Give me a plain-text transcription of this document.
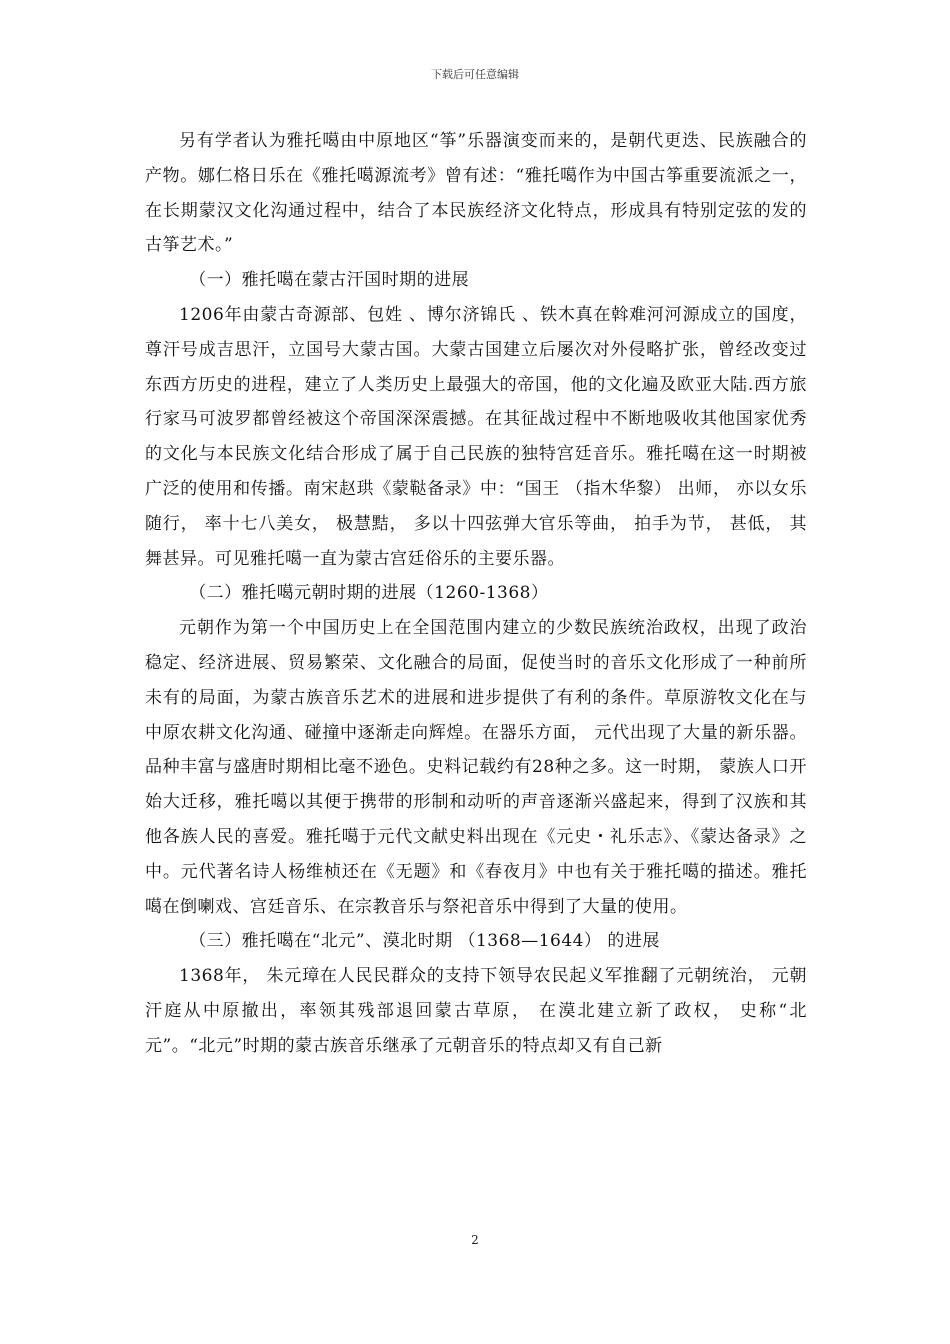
下载后可任意编辑

另有学者认为雅托噶由中原地区“筝”乐器演变而来的，是朝代更迭、民族融合的产物。娜仁格日乐在《雅托噶源流考》曾有述：“雅托噶作为中国古筝重要流派之一，在长期蒙汉文化沟通过程中，结合了本民族经济文化特点，形成具有特别定弦的发的古筝艺术。”

（一）雅托噶在蒙古汗国时期的进展

1206年由蒙古奇源部、包姓 、博尔济锦氏 、铁木真在斡难河河源成立的国度，尊汗号成吉思汗，立国号大蒙古国。大蒙古国建立后屡次对外侵略扩张，曾经改变过东西方历史的进程，建立了人类历史上最强大的帝国，他的文化遍及欧亚大陆.西方旅行家马可波罗都曾经被这个帝国深深震撼。在其征战过程中不断地吸收其他国家优秀的文化与本民族文化结合形成了属于自己民族的独特宫廷音乐。雅托噶在这一时期被广泛的使用和传播。南宋赵珙《蒙鞑备录》中：“国王 （指木华黎） 出师， 亦以女乐随行， 率十七八美女， 极慧黠， 多以十四弦弹大官乐等曲， 拍手为节， 甚低， 其舞甚异。可见雅托噶一直为蒙古宫廷俗乐的主要乐器。

（二）雅托噶元朝时期的进展（1260-1368）

元朝作为第一个中国历史上在全国范围内建立的少数民族统治政权，出现了政治稳定、经济进展、贸易繁荣、文化融合的局面，促使当时的音乐文化形成了一种前所未有的局面，为蒙古族音乐艺术的进展和进步提供了有利的条件。草原游牧文化在与中原农耕文化沟通、碰撞中逐渐走向辉煌。在器乐方面， 元代出现了大量的新乐器。品种丰富与盛唐时期相比毫不逊色。史料记载约有28种之多。这一时期， 蒙族人口开始大迁移，雅托噶以其便于携带的形制和动听的声音逐渐兴盛起来，得到了汉族和其他各族人民的喜爱。雅托噶于元代文献史料出现在《元史・礼乐志》、《蒙达备录》之中。元代著名诗人杨维桢还在《无题》和《春夜月》中也有关于雅托噶的描述。雅托噶在倒喇戏、宫廷音乐、在宗教音乐与祭祀音乐中得到了大量的使用。

（三）雅托噶在“北元”、漠北时期 （1368—1644） 的进展

1368年， 朱元璋在人民民群众的支持下领导农民起义军推翻了元朝统治， 元朝汗庭从中原撤出，率领其残部退回蒙古草原， 在漠北建立新了政权， 史称“北元”。“北元”时期的蒙古族音乐继承了元朝音乐的特点却又有自己新

2
